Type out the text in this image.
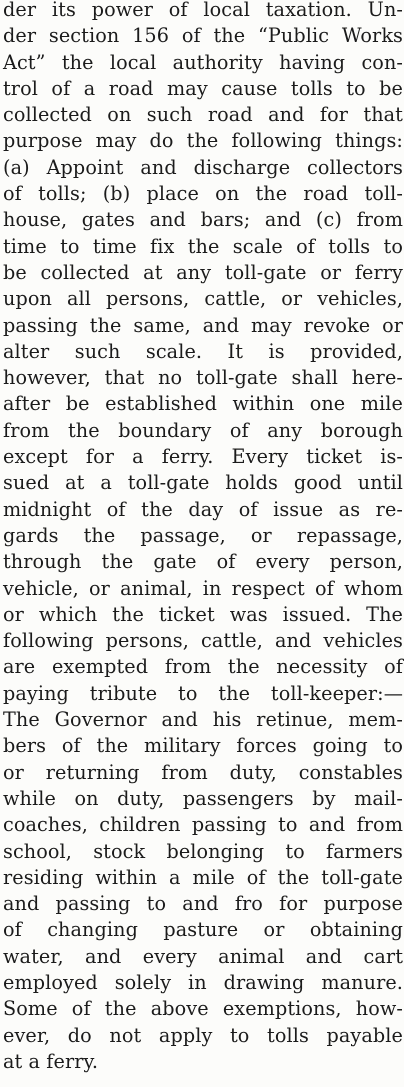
der its power of local taxation. Un-
der section 156 of the “Public Works
Act” the local authority having con-
trol of a road may cause tolls to be
collected on such road and for that
purpose may do the following things:
(a) Appoint and discharge collectors
of tolls; (b) place on the road toll-
house, gates and bars; and (c) from
time to time fix the scale of tolls to
be collected at any toll-gate or ferry
upon all persons, cattle, or vehicles,
passing the same, and may revoke or
alter such scale. It is provided,
however, that no toll-gate shall here-
after be established within one mile
from the boundary of any borough
except for a ferry. Every ticket is-
sued at a toll-gate holds good until
midnight of the day of issue as re-
gards the passage, or repassage,
through the gate of every person,
vehicle, or animal, in respect of whom
or which the ticket was issued. The
following persons, cattle, and vehicles
are exempted from the necessity of
paying tribute to the toll-keeper:—
The Governor and his retinue, mem-
bers of the military forces going to
or returning from duty, constables
while on duty, passengers by mail-
coaches, children passing to and from
school, stock belonging to farmers
residing within a mile of the toll-gate
and passing to and fro for purpose
of changing pasture or obtaining
water, and every animal and cart
employed solely in drawing manure.
Some of the above exemptions, how-
ever, do not apply to tolls payable
at a ferry.
